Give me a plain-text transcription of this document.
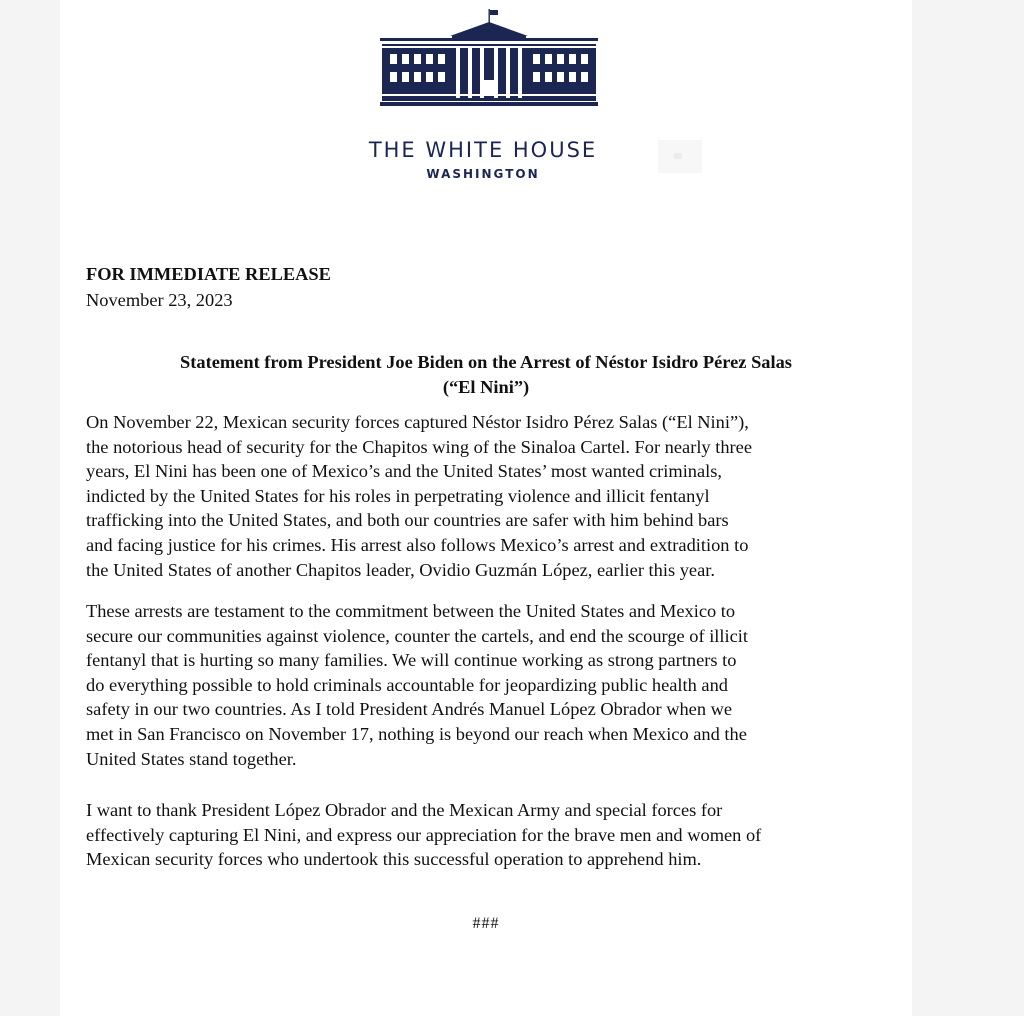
THE WHITE HOUSE
WASHINGTON
FOR IMMEDIATE RELEASE
November 23, 2023
Statement from President Joe Biden on the Arrest of Néstor Isidro Pérez Salas
(“El Nini”)

On November 22, Mexican security forces captured Néstor Isidro Pérez Salas (“El Nini”),
the notorious head of security for the Chapitos wing of the Sinaloa Cartel. For nearly three
years, El Nini has been one of Mexico’s and the United States’ most wanted criminals,
indicted by the United States for his roles in perpetrating violence and illicit fentanyl
trafficking into the United States, and both our countries are safer with him behind bars
and facing justice for his crimes. His arrest also follows Mexico’s arrest and extradition to
the United States of another Chapitos leader, Ovidio Guzmán López, earlier this year.

These arrests are testament to the commitment between the United States and Mexico to
secure our communities against violence, counter the cartels, and end the scourge of illicit
fentanyl that is hurting so many families. We will continue working as strong partners to
do everything possible to hold criminals accountable for jeopardizing public health and
safety in our two countries. As I told President Andrés Manuel López Obrador when we
met in San Francisco on November 17, nothing is beyond our reach when Mexico and the
United States stand together.

I want to thank President López Obrador and the Mexican Army and special forces for
effectively capturing El Nini, and express our appreciation for the brave men and women of
Mexican security forces who undertook this successful operation to apprehend him.

###
